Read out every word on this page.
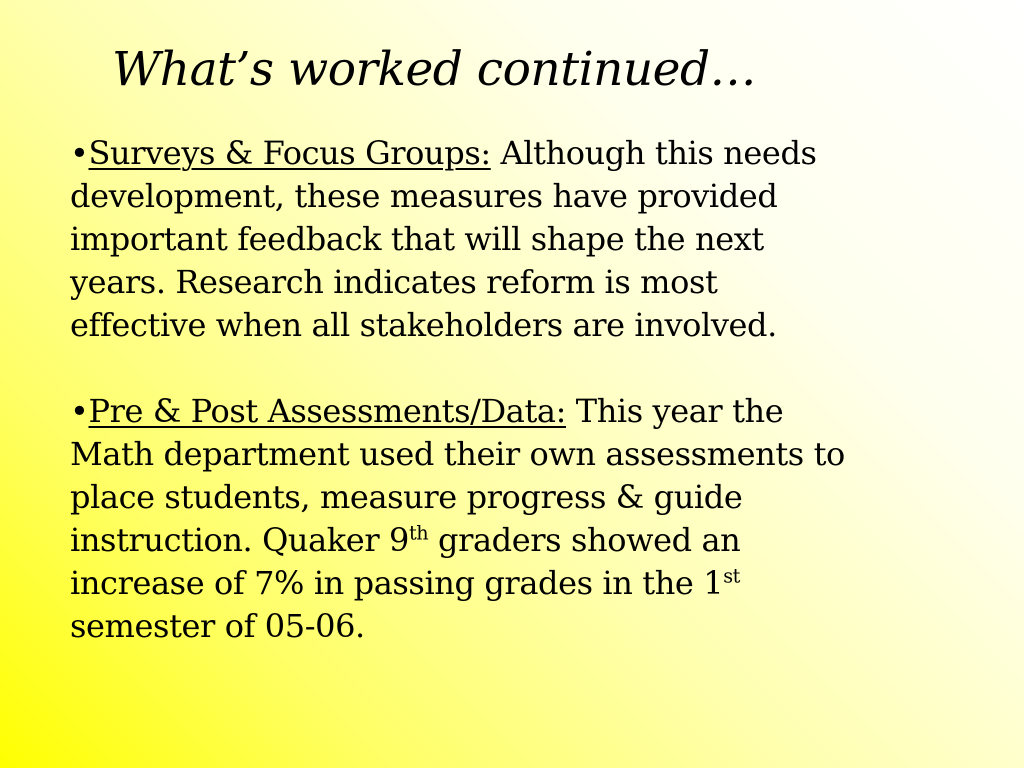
What’s worked continued…
•Surveys & Focus Groups: Although this needs
development, these measures have provided
important feedback that will shape the next
years. Research indicates reform is most
effective when all stakeholders are involved.
•Pre & Post Assessments/Data: This year the
Math department used their own assessments to
place students, measure progress & guide
instruction. Quaker 9th graders showed an
increase of 7% in passing grades in the 1st
semester of 05-06.
